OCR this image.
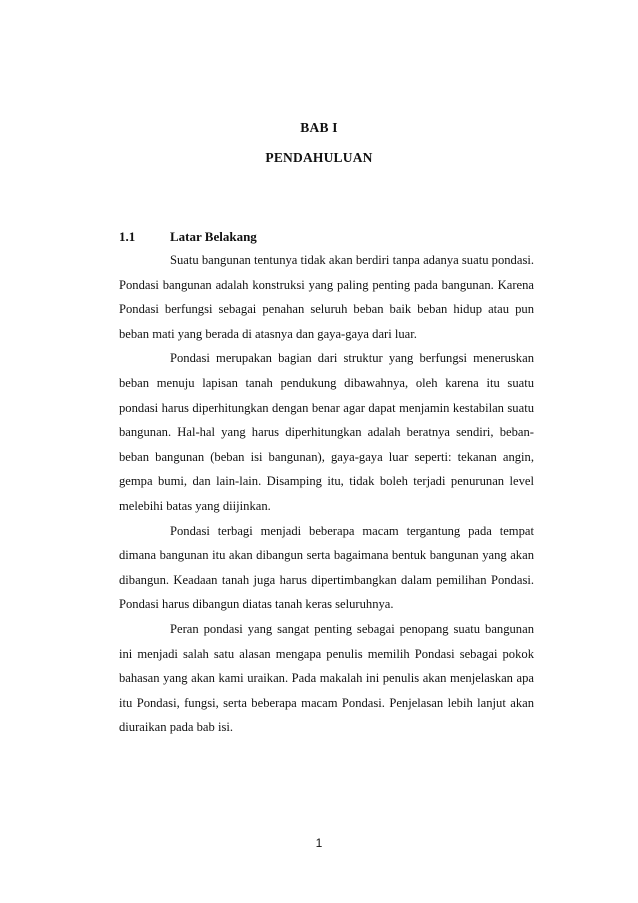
BAB I
PENDAHULUAN
1.1	Latar Belakang

Suatu bangunan tentunya tidak akan berdiri tanpa adanya suatu pondasi. Pondasi bangunan adalah konstruksi yang paling penting pada bangunan. Karena Pondasi berfungsi sebagai penahan seluruh beban baik beban hidup atau pun beban mati yang berada di atasnya dan gaya-gaya dari luar.

Pondasi merupakan bagian dari struktur yang berfungsi meneruskan beban menuju lapisan tanah pendukung dibawahnya, oleh karena itu suatu pondasi harus diperhitungkan dengan benar agar dapat menjamin kestabilan suatu bangunan. Hal-hal yang harus diperhitungkan adalah beratnya sendiri, beban-beban bangunan (beban isi bangunan), gaya-gaya luar seperti: tekanan angin, gempa bumi, dan lain-lain. Disamping itu, tidak boleh terjadi penurunan level melebihi batas yang diijinkan.

Pondasi terbagi menjadi beberapa macam tergantung pada tempat dimana bangunan itu akan dibangun serta bagaimana bentuk bangunan yang akan dibangun. Keadaan tanah juga harus dipertimbangkan dalam pemilihan Pondasi. Pondasi harus dibangun diatas tanah keras seluruhnya.

Peran pondasi yang sangat penting sebagai penopang suatu bangunan ini menjadi salah satu alasan mengapa penulis memilih Pondasi sebagai pokok bahasan yang akan kami uraikan. Pada makalah ini penulis akan menjelaskan apa itu Pondasi, fungsi, serta beberapa macam Pondasi. Penjelasan lebih lanjut akan diuraikan pada bab isi.

1
